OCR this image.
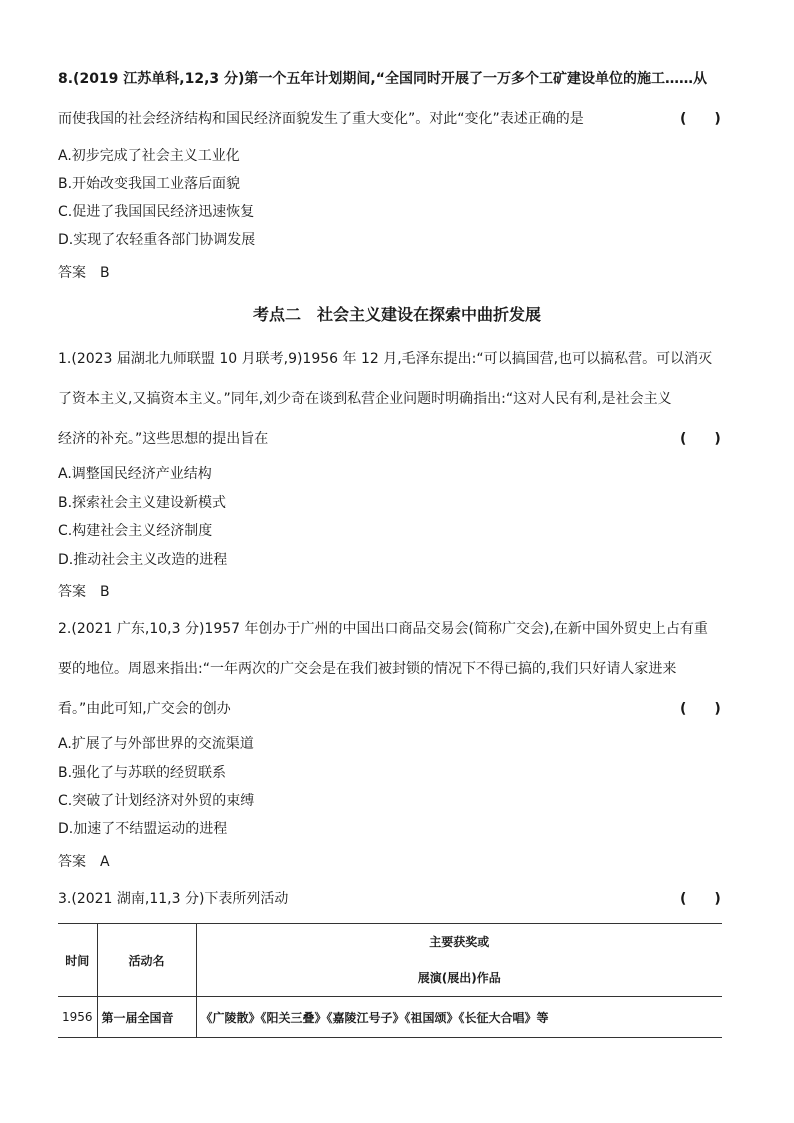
8.(2019 江苏单科,12,3 分)第一个五年计划期间,“全国同时开展了一万多个工矿建设单位的施工……从
而使我国的社会经济结构和国民经济面貌发生了重大变化”。对此“变化”表述正确的是	(　　)
A.初步完成了社会主义工业化
B.开始改变我国工业落后面貌
C.促进了我国国民经济迅速恢复
D.实现了农轻重各部门协调发展
答案 B
考点二　社会主义建设在探索中曲折发展
1.(2023 届湖北九师联盟 10 月联考,9)1956 年 12 月,毛泽东提出:“可以搞国营,也可以搞私营。可以消灭
了资本主义,又搞资本主义。”同年,刘少奇在谈到私营企业问题时明确指出:“这对人民有利,是社会主义
经济的补充。”这些思想的提出旨在	(　　)
A.调整国民经济产业结构
B.探索社会主义建设新模式
C.构建社会主义经济制度
D.推动社会主义改造的进程
答案 B
2.(2021 广东,10,3 分)1957 年创办于广州的中国出口商品交易会(简称广交会),在新中国外贸史上占有重
要的地位。周恩来指出:“一年两次的广交会是在我们被封锁的情况下不得已搞的,我们只好请人家进来
看。”由此可知,广交会的创办	(　　)
A.扩展了与外部世界的交流渠道
B.强化了与苏联的经贸联系
C.突破了计划经济对外贸的束缚
D.加速了不结盟运动的进程
答案 A
3.(2021 湖南,11,3 分)下表所列活动	(　　)
时间	活动名	主要获奖或
展演(展出)作品

1956	第一届全国音	《广陵散》《阳关三叠》《嘉陵江号子》《祖国颂》《长征大合唱》等
